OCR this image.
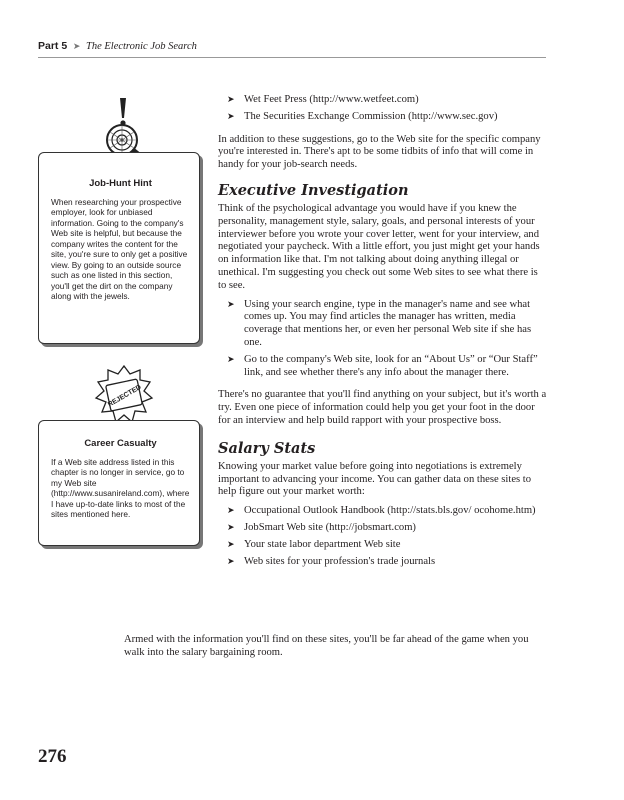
Part 5 ➤ The Electronic Job Search
Job-Hunt Hint
When researching your prospective employer, look for unbiased information. Going to the company's Web site is helpful, but because the company writes the content for the site, you're sure to only get a positive view. By going to an outside source such as one listed in this section, you'll get the dirt on the company along with the jewels.
REJECTED
Career Casualty
If a Web site address listed in this chapter is no longer in service, go to my Web site (http://www.susanireland.com), where I have up-to-date links to most of the sites mentioned here.
➤ Wet Feet Press (http://www.wetfeet.com)
➤ The Securities Exchange Commission (http://www.sec.gov)

In addition to these suggestions, go to the Web site for the specific company you're interested in. There's apt to be some tidbits of info that will come in handy for your job-search needs.

Executive Investigation

Think of the psychological advantage you would have if you knew the personality, management style, salary, goals, and personal interests of your interviewer before you wrote your cover letter, went for your interview, and negotiated your paycheck. With a little effort, you just might get your hands on information like that. I'm not talking about doing anything illegal or unethical. I'm suggesting you check out some Web sites to see what there is to see.

➤ Using your search engine, type in the manager's name and see what comes up. You may find articles the manager has written, media coverage that mentions her, or even her personal Web site if she has one.
➤ Go to the company's Web site, look for an “About Us” or “Our Staff” link, and see whether there's any info about the manager there.

There's no guarantee that you'll find anything on your subject, but it's worth a try. Even one piece of information could help you get your foot in the door for an interview and help build rapport with your prospective boss.

Salary Stats

Knowing your market value before going into negotiations is extremely important to advancing your income. You can gather data on these sites to help figure out your market worth:

➤ Occupational Outlook Handbook (http://stats.bls.gov/ ocohome.htm)
➤ JobSmart Web site (http://jobsmart.com)
➤ Your state labor department Web site
➤ Web sites for your profession's trade journals

Armed with the information you'll find on these sites, you'll be far ahead of the game when you walk into the salary bargaining room.

276
